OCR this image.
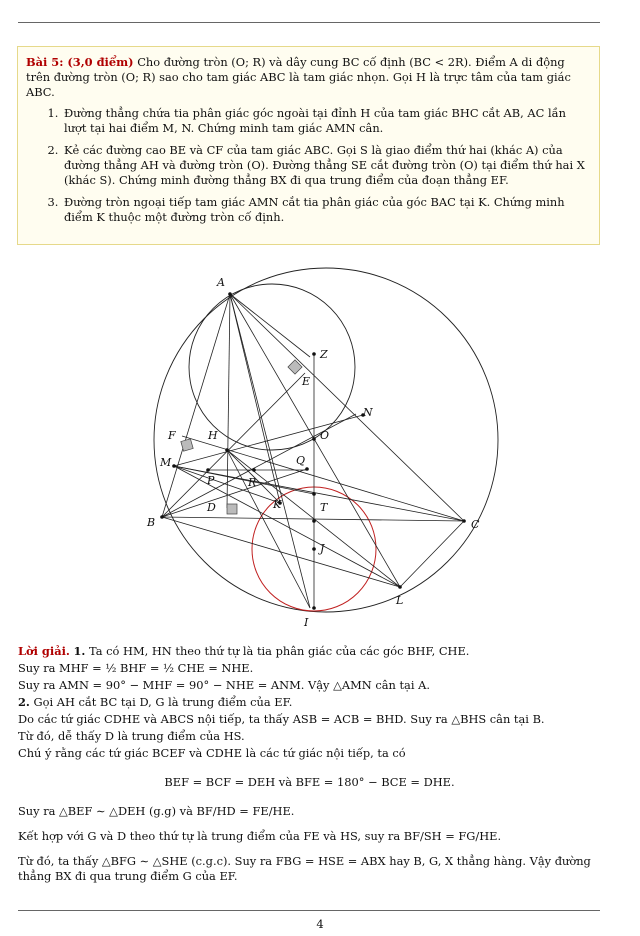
Bài 5: (3,0 điểm) Cho đường tròn (O; R) và dây cung BC cố định (BC < 2R). Điểm A di động trên đường tròn (O; R) sao cho tam giác ABC là tam giác nhọn. Gọi H là trực tâm của tam giác ABC.
1. Đường thẳng chứa tia phân giác góc ngoài tại đỉnh H của tam giác BHC cắt AB, AC lần lượt tại hai điểm M, N. Chứng minh tam giác AMN cân.
2. Kẻ các đường cao BE và CF của tam giác ABC. Gọi S là giao điểm thứ hai (khác A) của đường thẳng AH và đường tròn (O). Đường thẳng SE cắt đường tròn (O) tại điểm thứ hai X (khác S). Chứng minh đường thẳng BX đi qua trung điểm của đoạn thẳng EF.
3. Đường tròn ngoại tiếp tam giác AMN cắt tia phân giác của góc BAC tại K. Chứng minh điểm K thuộc một đường tròn cố định.
A
B	C
Z
E
N
O
F	H
M	Q
P	R
D	K	T
J
L
I

Lời giải. 1. Ta có HM, HN theo thứ tự là tia phân giác của các góc BHF, CHE.

Suy ra MHF = ½ BHF = ½ CHE = NHE.

Suy ra AMN = 90° − MHF = 90° − NHE = ANM. Vậy △AMN cân tại A.

2. Gọi AH cắt BC tại D, G là trung điểm của EF.

Do các tứ giác CDHE và ABCS nội tiếp, ta thấy ASB = ACB = BHD. Suy ra △BHS cân tại B.

Từ đó, dễ thấy D là trung điểm của HS.

Chú ý rằng các tứ giác BCEF và CDHE là các tứ giác nội tiếp, ta có

BEF = BCF = DEH và BFE = 180° − BCE = DHE.

Suy ra △BEF ∼ △DEH (g.g) và BF/HD = FE/HE.

Kết hợp với G và D theo thứ tự là trung điểm của FE và HS, suy ra BF/SH = FG/HE.

Từ đó, ta thấy △BFG ∼ △SHE (c.g.c). Suy ra FBG = HSE = ABX hay B, G, X thẳng hàng. Vậy đường thẳng BX đi qua trung điểm G của EF.

4
